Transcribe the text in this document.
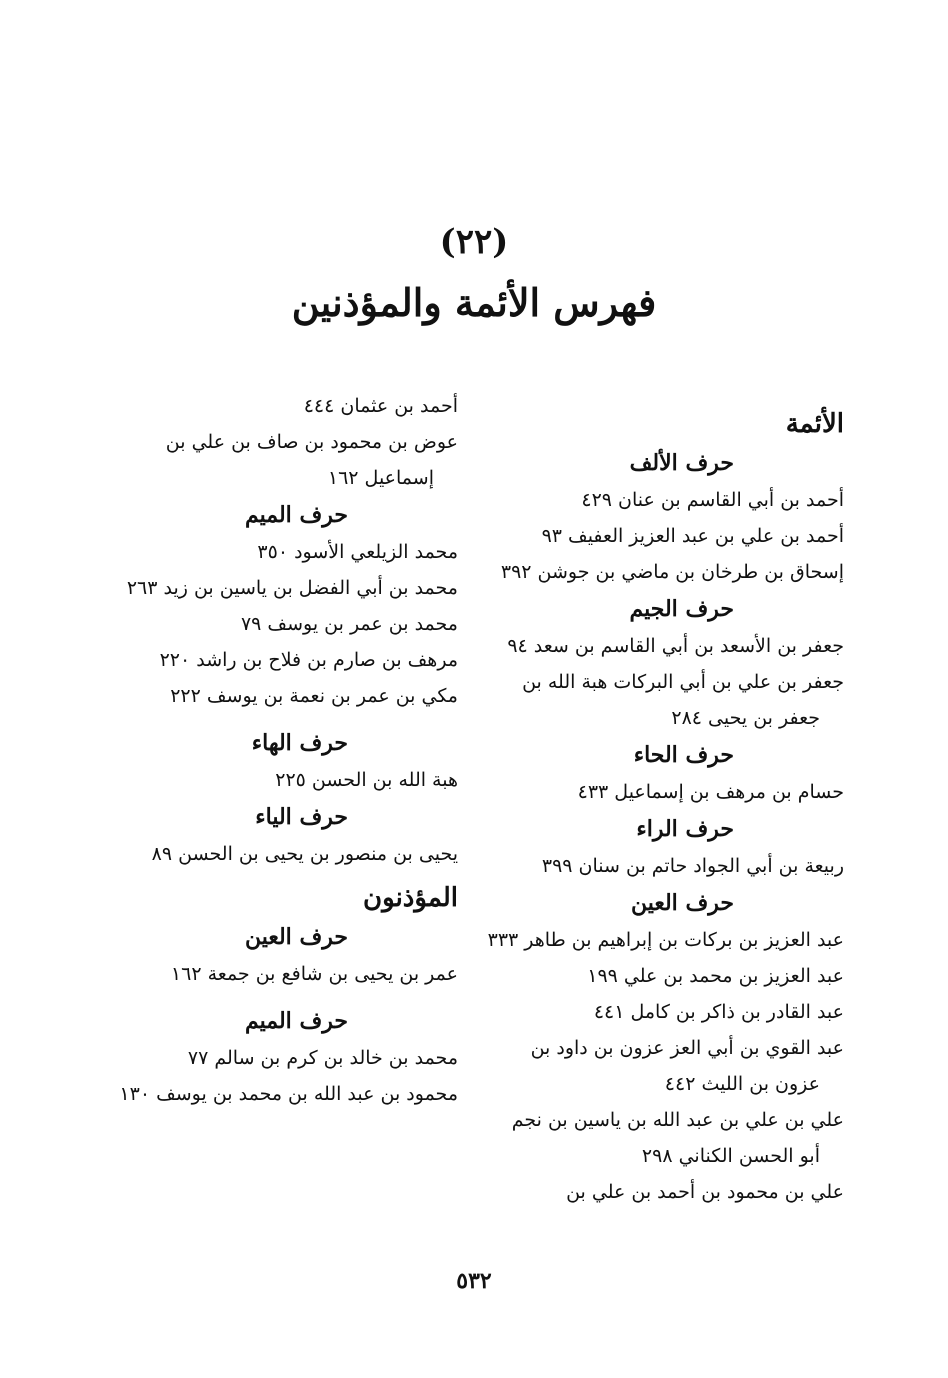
(٢٢)
فهرس الأئمة والمؤذنين
الأئمة
حرف الألف
أحمد بن أبي القاسم بن عنان ٤٢٩
أحمد بن علي بن عبد العزيز العفيف ٩٣
إسحاق بن طرخان بن ماضي بن جوشن ٣٩٢
حرف الجيم
جعفر بن الأسعد بن أبي القاسم بن سعد ٩٤
جعفر بن علي بن أبي البركات هبة الله بن
جعفر بن يحيى ٢٨٤
حرف الحاء
حسام بن مرهف بن إسماعيل ٤٣٣
حرف الراء
ربيعة بن أبي الجواد حاتم بن سنان ٣٩٩
حرف العين
عبد العزيز بن بركات بن إبراهيم بن طاهر ٣٣٣
عبد العزيز بن محمد بن علي ١٩٩
عبد القادر بن ذاكر بن كامل ٤٤١
عبد القوي بن أبي العز عزون بن داود بن
عزون بن الليث ٤٤٢
علي بن علي بن عبد الله بن ياسين بن نجم
أبو الحسن الكناني ٢٩٨
علي بن محمود بن أحمد بن علي بن
أحمد بن عثمان ٤٤٤
عوض بن محمود بن صاف بن علي بن
إسماعيل ١٦٢
حرف الميم
محمد الزيلعي الأسود ٣٥٠
محمد بن أبي الفضل بن ياسين بن زيد ٢٦٣
محمد بن عمر بن يوسف ٧٩
مرهف بن صارم بن فلاح بن راشد ٢٢٠
مكي بن عمر بن نعمة بن يوسف ٢٢٢
حرف الهاء
هبة الله بن الحسن ٢٢٥
حرف الياء
يحيى بن منصور بن يحيى بن الحسن ٨٩
المؤذنون
حرف العين
عمر بن يحيى بن شافع بن جمعة ١٦٢
حرف الميم
محمد بن خالد بن كرم بن سالم ٧٧
محمود بن عبد الله بن محمد بن يوسف ١٣٠
٥٣٢
